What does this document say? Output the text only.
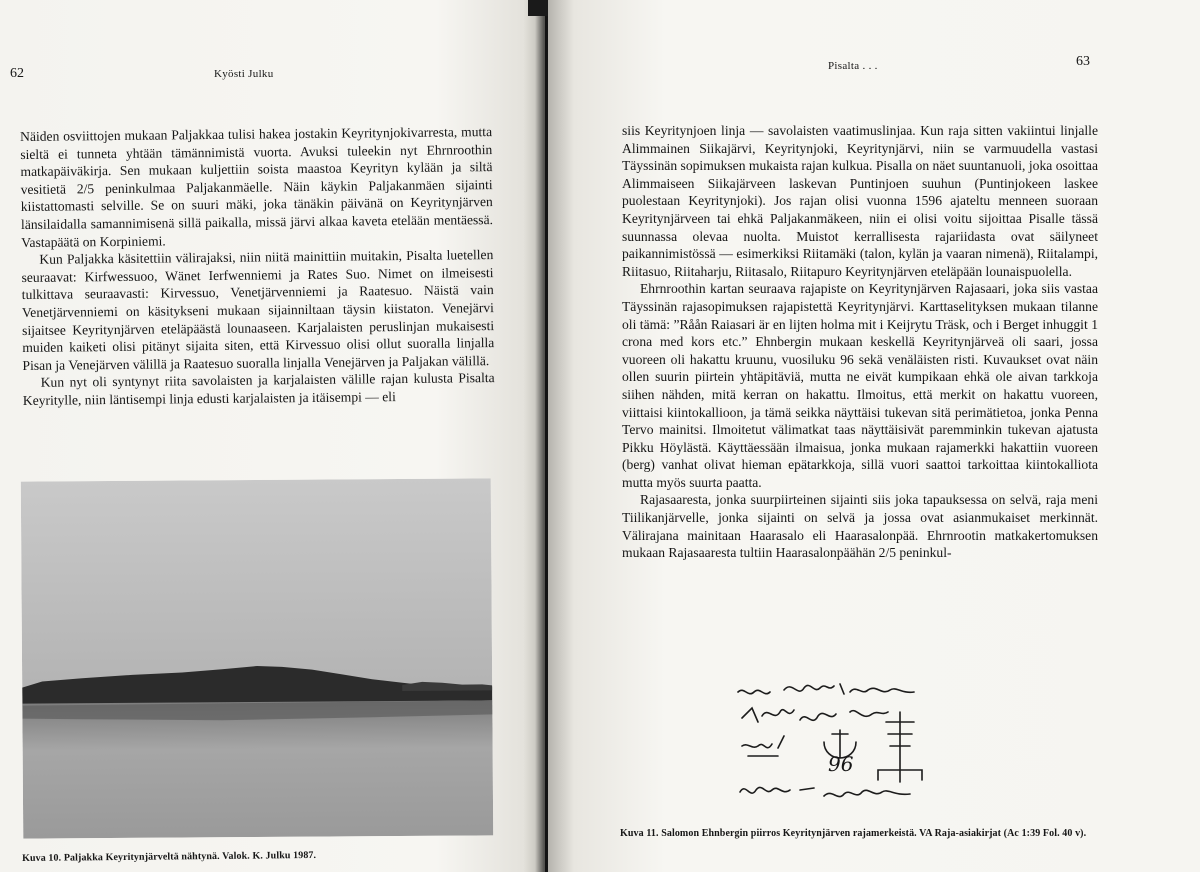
62	Kyösti Julku

Näiden osviittojen mukaan Paljakkaa tulisi hakea jostakin Keyritynjokivarresta, mutta sieltä ei tunneta yhtään tämännimistä vuorta. Avuksi tuleekin nyt Ehrnroothin matkapäiväkirja. Sen mukaan kuljettiin soista maastoa Keyrityn kylään ja siltä vesitietä 2/5 peninkulmaa Paljakanmäelle. Näin käykin Paljakanmäen sijainti kiistattomasti selville. Se on suuri mäki, joka tänäkin päivänä on Keyritynjärven länsilaidalla samannimisenä sillä paikalla, missä järvi alkaa kaveta etelään mentäessä. Vastapäätä on Korpiniemi.

Kun Paljakka käsitettiin välirajaksi, niin niitä mainittiin muitakin, Pisalta luetellen seuraavat: Kirfwessuoo, Wänet Ierfwenniemi ja Rates Suo. Nimet on ilmeisesti tulkittava seuraavasti: Kirvessuo, Venetjärvenniemi ja Raatesuo. Näistä vain Venetjärvenniemi on käsitykseni mukaan sijainniltaan täysin kiistaton. Venejärvi sijaitsee Keyritynjärven eteläpäästä lounaaseen. Karjalaisten peruslinjan mukaisesti muiden kaiketi olisi pitänyt sijaita siten, että Kirvessuo olisi ollut suoralla linjalla Pisan ja Venejärven välillä ja Raatesuo suoralla linjalla Venejärven ja Paljakan välillä.

Kun nyt oli syntynyt riita savolaisten ja karjalaisten välille rajan kulusta Pisalta Keyritylle, niin läntisempi linja edusti karjalaisten ja itäisempi — eli

Kuva 10. Paljakka Keyritynjärveltä nähtynä. Valok. K. Julku 1987.
63
Pisalta . . .

siis Keyritynjoen linja — savolaisten vaatimuslinjaa. Kun raja sitten vakiintui linjalle Alimmainen Siikajärvi, Keyritynjoki, Keyritynjärvi, niin se varmuudella vastasi Täyssinän sopimuksen mukaista rajan kulkua. Pisalla on näet suuntanuoli, joka osoittaa Alimmaiseen Siikajärveen laskevan Puntinjoen suuhun (Puntinjokeen laskee puolestaan Keyritynjoki). Jos rajan olisi vuonna 1596 ajateltu menneen suoraan Keyritynjärveen tai ehkä Paljakanmäkeen, niin ei olisi voitu sijoittaa Pisalle tässä suunnassa olevaa nuolta. Muistot kerrallisesta rajariidasta ovat säilyneet paikannimistössä — esimerkiksi Riitamäki (talon, kylän ja vaaran nimenä), Riitalampi, Riitasuo, Riitaharju, Riitasalo, Riitapuro Keyritynjärven eteläpään lounaispuolella.

Ehrnroothin kartan seuraava rajapiste on Keyritynjärven Rajasaari, joka siis vastaa Täyssinän rajasopimuksen rajapistettä Keyritynjärvi. Karttaselityksen mukaan tilanne oli tämä: ”Råån Raiasari är en lijten holma mit i Keijrytu Träsk, och i Berget inhuggit 1 crona med kors etc.” Ehnbergin mukaan keskellä Keyritynjärveä oli saari, jossa vuoreen oli hakattu kruunu, vuosiluku 96 sekä venäläisten risti. Kuvaukset ovat näin ollen suurin piirtein yhtäpitäviä, mutta ne eivät kumpikaan ehkä ole aivan tarkkoja siihen nähden, mitä kerran on hakattu. Ilmoitus, että merkit on hakattu vuoreen, viittaisi kiintokallioon, ja tämä seikka näyttäisi tukevan sitä perimätietoa, jonka Penna Tervo mainitsi. Ilmoitetut välimatkat taas näyttäisivät paremminkin tukevan ajatusta Pikku Höylästä. Käyttäessään ilmaisua, jonka mukaan rajamerkki hakattiin vuoreen (berg) vanhat olivat hieman epätarkkoja, sillä vuori saattoi tarkoittaa kiintokalliota mutta myös suurta paatta.

Rajasaaresta, jonka suurpiirteinen sijainti siis joka tapauksessa on selvä, raja meni Tiilikanjärvelle, jonka sijainti on selvä ja jossa ovat asianmukaiset merkinnät. Välirajana mainitaan Haarasalo eli Haarasalonpää. Ehrnrootin matkakertomuksen mukaan Rajasaaresta tultiin Haarasalonpäähän 2/5 peninkul-

96
Kuva 11. Salomon Ehnbergin piirros Keyritynjärven rajamerkeistä. VA Raja-asiakirjat (Ac 1:39 Fol. 40 v).
